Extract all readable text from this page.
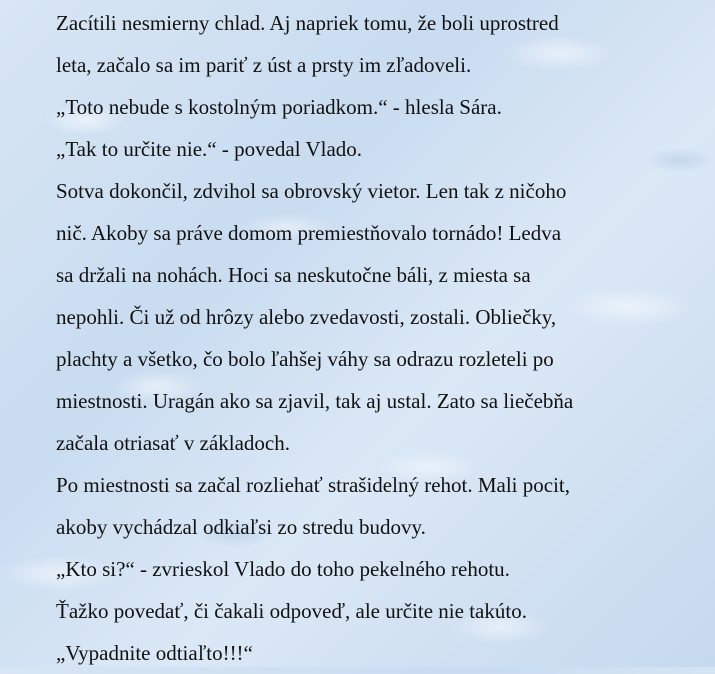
Zacítili nesmierny chlad. Aj napriek tomu, že boli uprostred
leta, začalo sa im pariť z úst a prsty im zľadoveli.
„Toto nebude s kostolným poriadkom.“ - hlesla Sára.
„Tak to určite nie.“ - povedal Vlado.
Sotva dokončil, zdvihol sa obrovský vietor. Len tak z ničoho
nič. Akoby sa práve domom premiestňovalo tornádo! Ledva
sa držali na nohách. Hoci sa neskutočne báli, z miesta sa
nepohli. Či už od hrôzy alebo zvedavosti, zostali. Obliečky,
plachty a všetko, čo bolo ľahšej váhy sa odrazu rozleteli po
miestnosti. Uragán ako sa zjavil, tak aj ustal. Zato sa liečebňa
začala otriasať v základoch.
Po miestnosti sa začal rozliehať strašidelný rehot. Mali pocit,
akoby vychádzal odkiaľsi zo stredu budovy.
„Kto si?“ - zvrieskol Vlado do toho pekelného rehotu.
Ťažko povedať, či čakali odpoveď, ale určite nie takúto.
„Vypadnite odtiaľto!!!“
